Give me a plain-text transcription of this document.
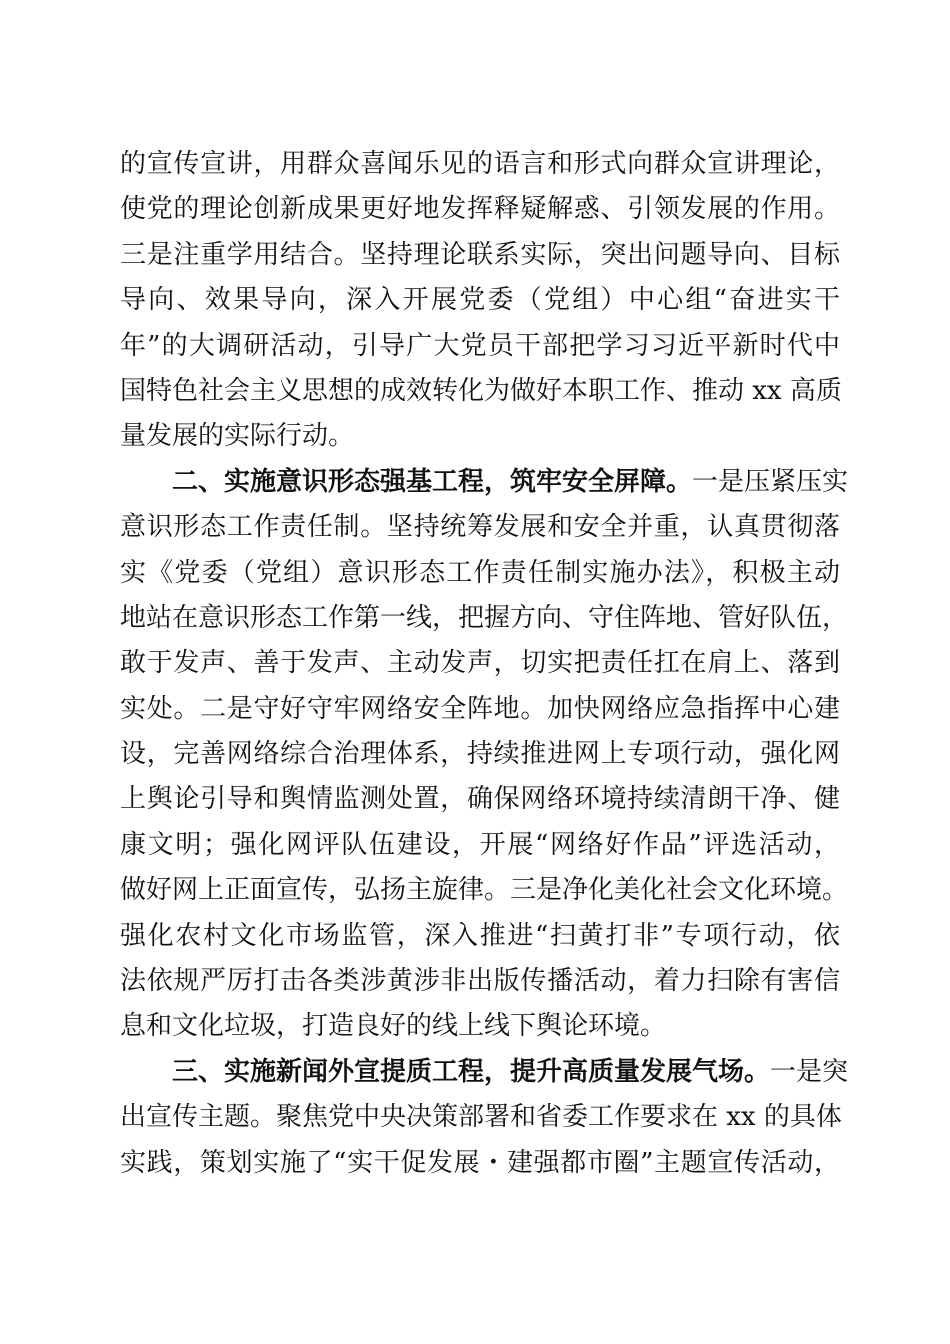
的宣传宣讲，用群众喜闻乐见的语言和形式向群众宣讲理论，
使党的理论创新成果更好地发挥释疑解惑、引领发展的作用。
三是注重学用结合。坚持理论联系实际，突出问题导向、目标
导向、效果导向，深入开展党委（党组）中心组“奋进实干
年”的大调研活动，引导广大党员干部把学习习近平新时代中
国特色社会主义思想的成效转化为做好本职工作、推动 xx 高质
量发展的实际行动。
二、实施意识形态强基工程，筑牢安全屏障。一是压紧压实
意识形态工作责任制。坚持统筹发展和安全并重，认真贯彻落
实《党委（党组）意识形态工作责任制实施办法》，积极主动
地站在意识形态工作第一线，把握方向、守住阵地、管好队伍，
敢于发声、善于发声、主动发声，切实把责任扛在肩上、落到
实处。二是守好守牢网络安全阵地。加快网络应急指挥中心建
设，完善网络综合治理体系，持续推进网上专项行动，强化网
上舆论引导和舆情监测处置，确保网络环境持续清朗干净、健
康文明；强化网评队伍建设，开展“网络好作品”评选活动，
做好网上正面宣传，弘扬主旋律。三是净化美化社会文化环境。
强化农村文化市场监管，深入推进“扫黄打非”专项行动，依
法依规严厉打击各类涉黄涉非出版传播活动，着力扫除有害信
息和文化垃圾，打造良好的线上线下舆论环境。
三、实施新闻外宣提质工程，提升高质量发展气场。一是突
出宣传主题。聚焦党中央决策部署和省委工作要求在 xx 的具体
实践，策划实施了“实干促发展・建强都市圈”主题宣传活动，
